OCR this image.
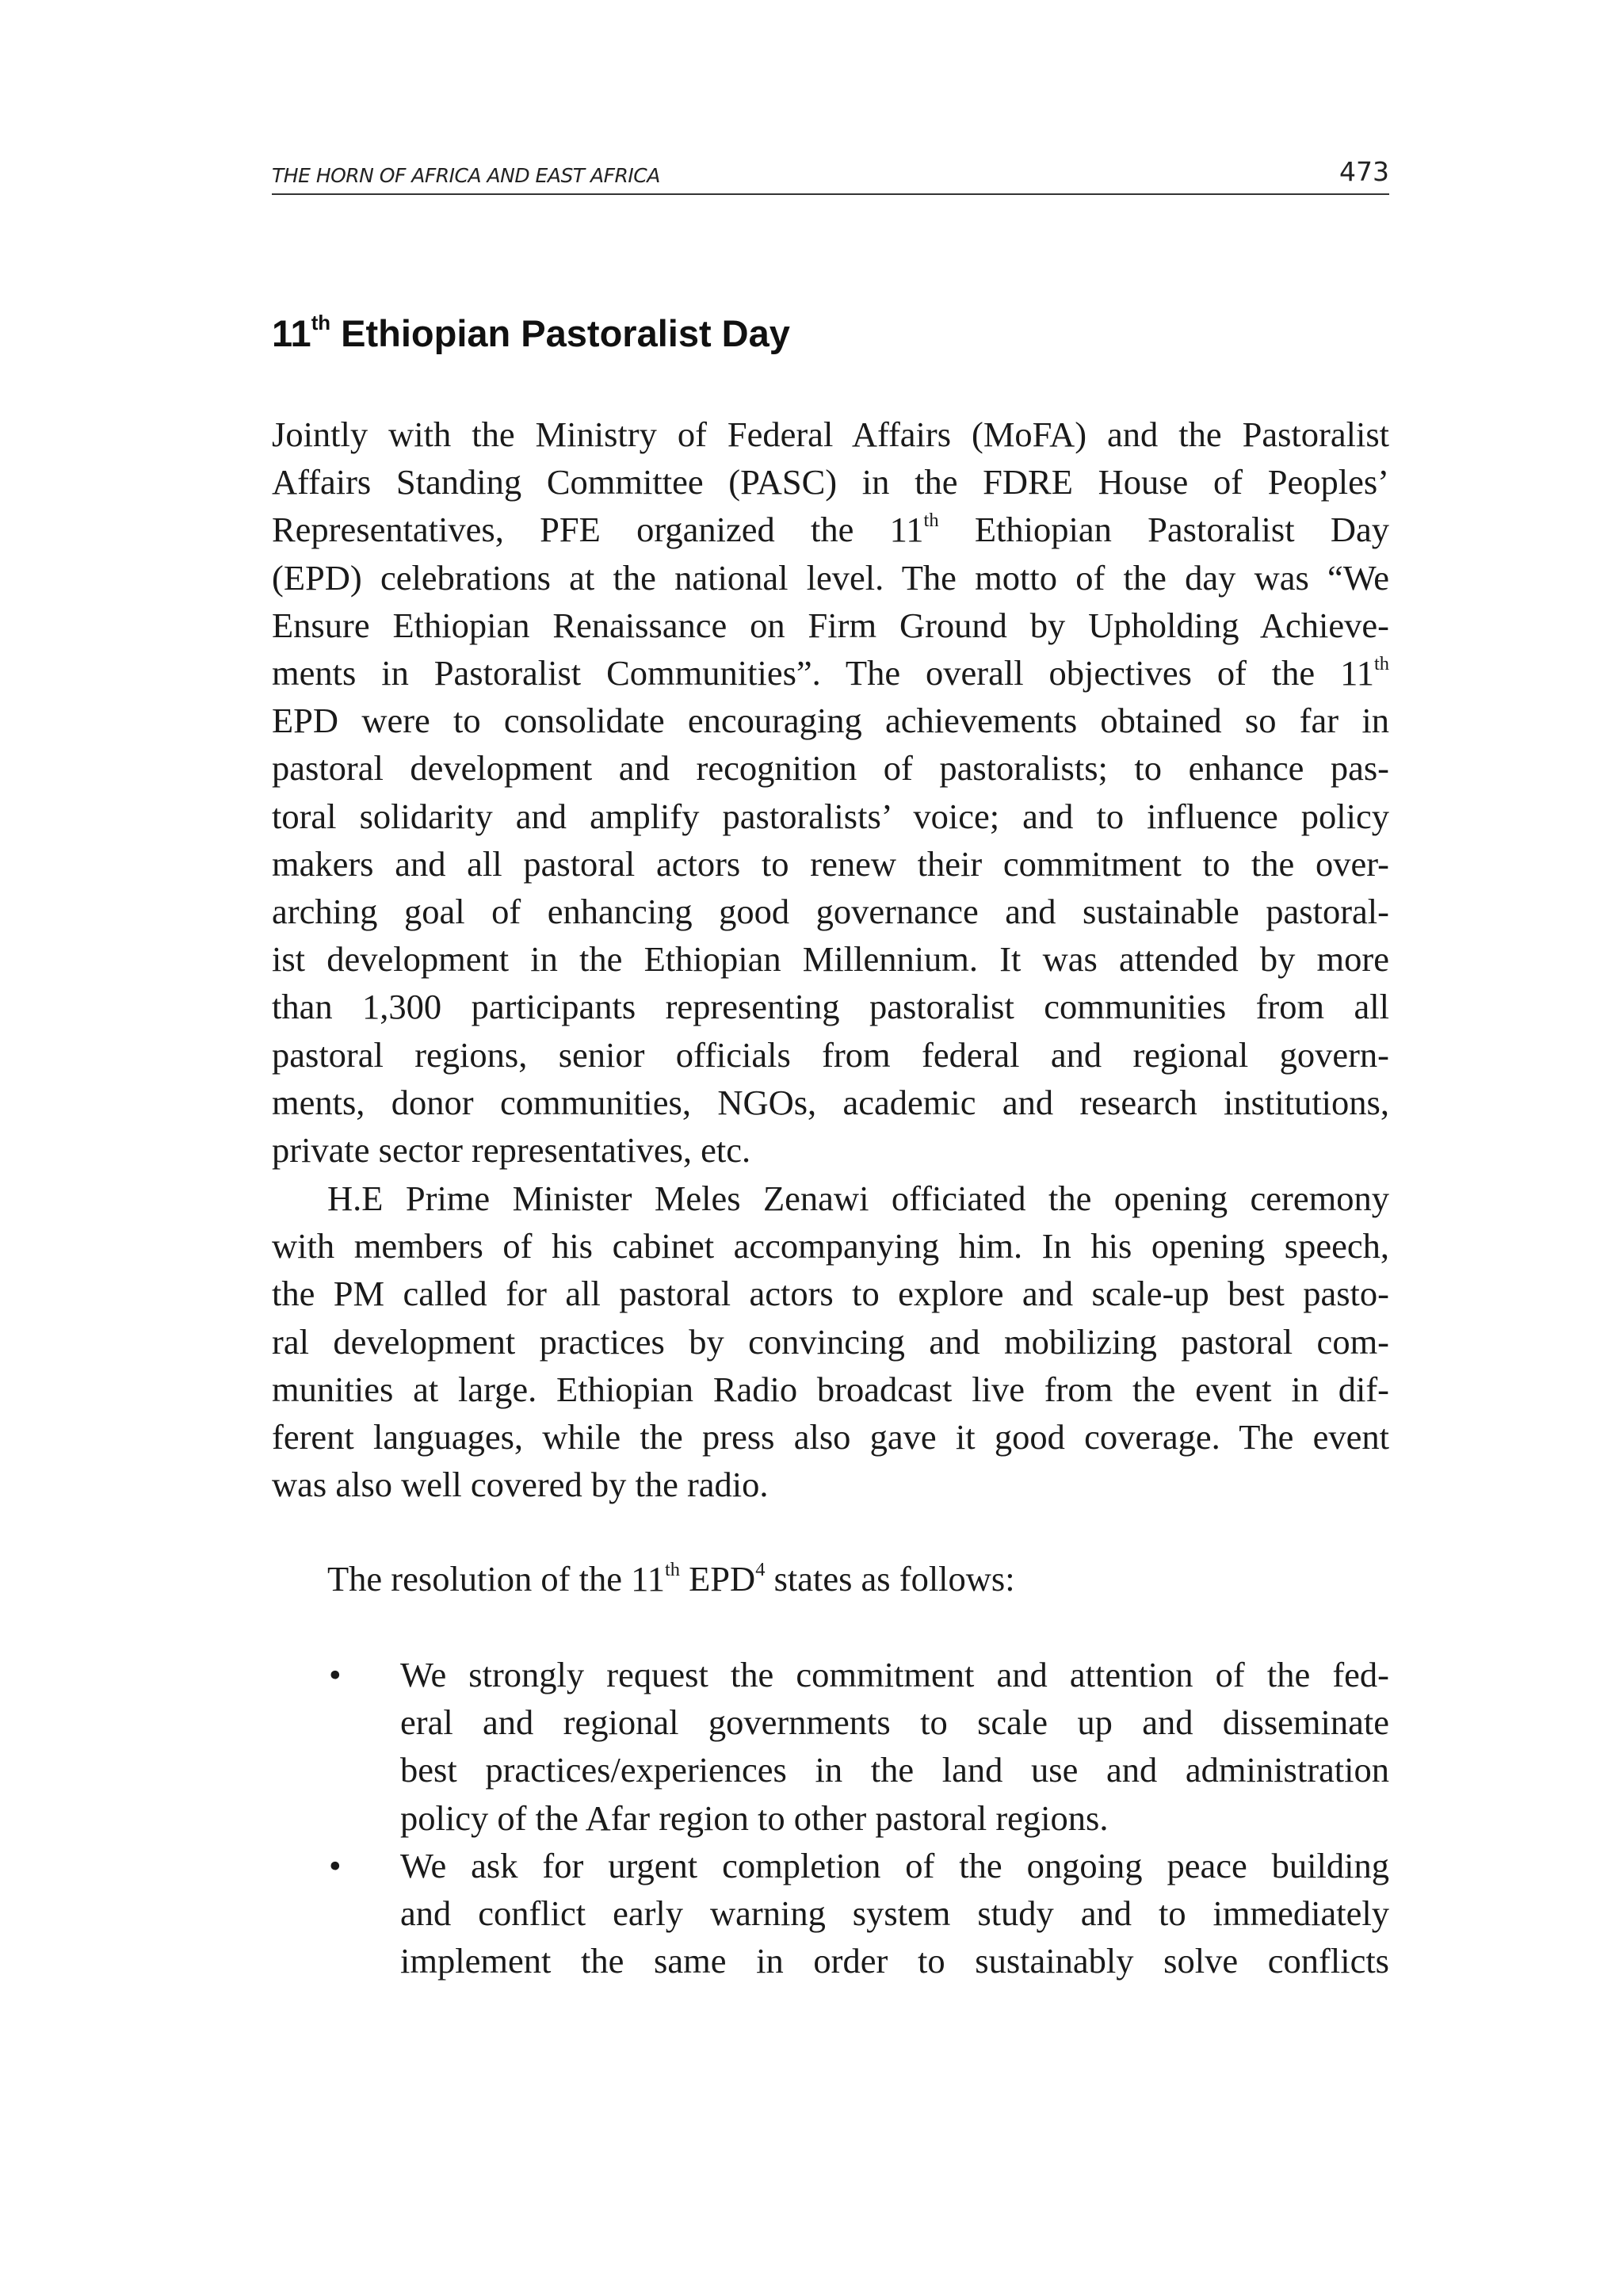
THE HORN OF AFRICA AND EAST AFRICA	473
11th Ethiopian Pastoralist Day
Jointly with the Ministry of Federal Affairs (MoFA) and the Pastoralist
Affairs Standing Committee (PASC) in the FDRE House of Peoples’
Representatives, PFE organized the 11th Ethiopian Pastoralist Day
(EPD) celebrations at the national level. The motto of the day was “We
Ensure Ethiopian Renaissance on Firm Ground by Upholding Achieve-
ments in Pastoralist Communities”. The overall objectives of the 11th
EPD were to consolidate encouraging achievements obtained so far in
pastoral development and recognition of pastoralists; to enhance pas-
toral solidarity and amplify pastoralists’ voice; and to influence policy
makers and all pastoral actors to renew their commitment to the over-
arching goal of enhancing good governance and sustainable pastoral-
ist development in the Ethiopian Millennium. It was attended by more
than 1,300 participants representing pastoralist communities from all
pastoral regions, senior officials from federal and regional govern-
ments, donor communities, NGOs, academic and research institutions,
private sector representatives, etc.
H.E Prime Minister Meles Zenawi officiated the opening ceremony
with members of his cabinet accompanying him. In his opening speech,
the PM called for all pastoral actors to explore and scale-up best pasto-
ral development practices by convincing and mobilizing pastoral com-
munities at large. Ethiopian Radio broadcast live from the event in dif-
ferent languages, while the press also gave it good coverage. The event
was also well covered by the radio.
The resolution of the 11th EPD$^4$ states as follows:
• We strongly request the commitment and attention of the fed-
eral and regional governments to scale up and disseminate
best practices/experiences in the land use and administration
policy of the Afar region to other pastoral regions.
• We ask for urgent completion of the ongoing peace building
and conflict early warning system study and to immediately
implement the same in order to sustainably solve conflicts
